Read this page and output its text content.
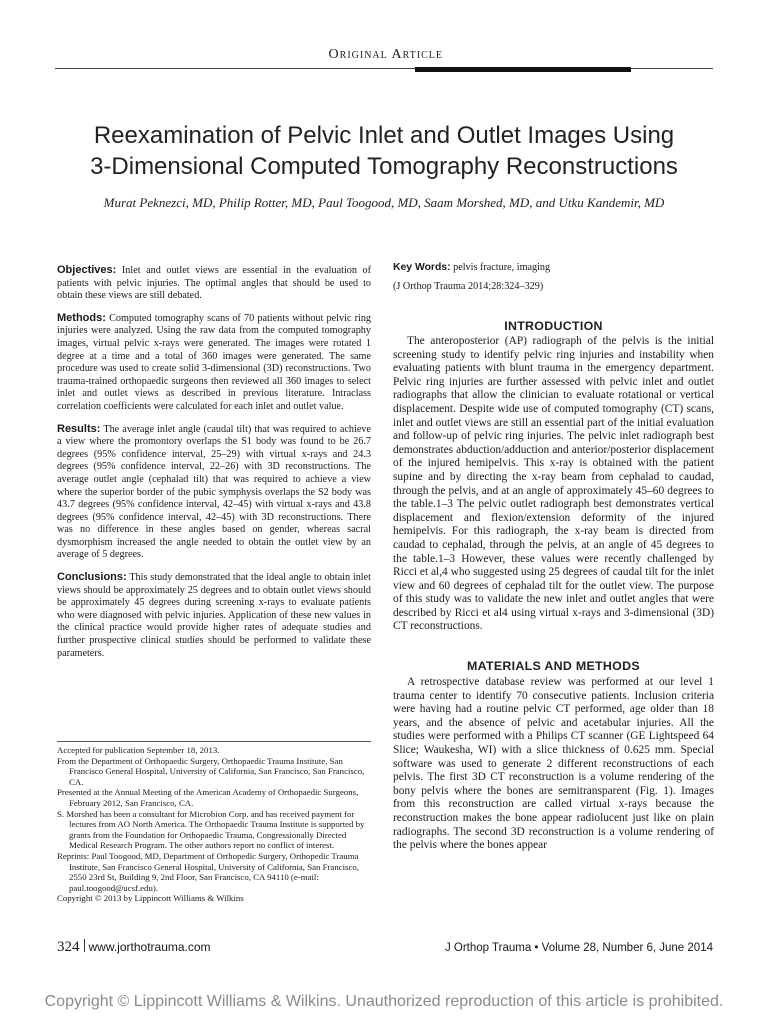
Original Article
Reexamination of Pelvic Inlet and Outlet Images Using
3-Dimensional Computed Tomography Reconstructions
Murat Peknezci, MD, Philip Rotter, MD, Paul Toogood, MD, Saam Morshed, MD, and Utku Kandemir, MD

Objectives: Inlet and outlet views are essential in the evaluation of patients with pelvic injuries. The optimal angles that should be used to obtain these views are still debated.

Methods: Computed tomography scans of 70 patients without pelvic ring injuries were analyzed. Using the raw data from the computed tomography images, virtual pelvic x-rays were generated. The images were rotated 1 degree at a time and a total of 360 images were generated. The same procedure was used to create solid 3-dimensional (3D) reconstructions. Two trauma-trained orthopaedic surgeons then reviewed all 360 images to select inlet and outlet views as described in previous literature. Intraclass correlation coefficients were calculated for each inlet and outlet value.

Results: The average inlet angle (caudal tilt) that was required to achieve a view where the promontory overlaps the S1 body was found to be 26.7 degrees (95% confidence interval, 25–29) with virtual x-rays and 24.3 degrees (95% confidence interval, 22–26) with 3D reconstructions. The average outlet angle (cephalad tilt) that was required to achieve a view where the superior border of the pubic symphysis overlaps the S2 body was 43.7 degrees (95% confidence interval, 42–45) with virtual x-rays and 43.8 degrees (95% confidence interval, 42–45) with 3D reconstructions. There was no difference in these angles based on gender, whereas sacral dysmorphism increased the angle needed to obtain the outlet view by an average of 5 degrees.

Conclusions: This study demonstrated that the ideal angle to obtain inlet views should be approximately 25 degrees and to obtain outlet views should be approximately 45 degrees during screening x-rays to evaluate patients who were diagnosed with pelvic injuries. Application of these new values in the clinical practice would provide higher rates of adequate studies and further prospective clinical studies should be performed to validate these parameters.

Accepted for publication September 18, 2013.

From the Department of Orthopaedic Surgery, Orthopaedic Trauma Institute, San Francisco General Hospital, University of California, San Francisco, San Francisco, CA.

Presented at the Annual Meeting of the American Academy of Orthopaedic Surgeons, February 2012, San Francisco, CA.

S. Morshed has been a consultant for Microbion Corp. and has received payment for lectures from AO North America. The Orthopaedic Trauma Institute is supported by grants from the Foundation for Orthopaedic Trauma, Congressionally Directed Medical Research Program. The other authors report no conflict of interest.

Reprints: Paul Toogood, MD, Department of Orthopedic Surgery, Orthopedic Trauma Institute, San Francisco General Hospital, University of California, San Francisco, 2550 23rd St, Building 9, 2nd Floor, San Francisco, CA 94110 (e-mail: paul.toogood@ucsf.edu).

Copyright © 2013 by Lippincott Williams & Wilkins

Key Words: pelvis fracture, imaging

(J Orthop Trauma 2014;28:324–329)

INTRODUCTION

The anteroposterior (AP) radiograph of the pelvis is the initial screening study to identify pelvic ring injuries and instability when evaluating patients with blunt trauma in the emergency department. Pelvic ring injuries are further assessed with pelvic inlet and outlet radiographs that allow the clinician to evaluate rotational or vertical displacement. Despite wide use of computed tomography (CT) scans, inlet and outlet views are still an essential part of the initial evaluation and follow-up of pelvic ring injuries. The pelvic inlet radiograph best demonstrates abduction/adduction and anterior/posterior displacement of the injured hemipelvis. This x-ray is obtained with the patient supine and by directing the x-ray beam from cephalad to caudad, through the pelvis, and at an angle of approximately 45–60 degrees to the table.1–3 The pelvic outlet radiograph best demonstrates vertical displacement and flexion/extension deformity of the injured hemipelvis. For this radiograph, the x-ray beam is directed from caudad to cephalad, through the pelvis, at an angle of 45 degrees to the table.1–3 However, these values were recently challenged by Ricci et al,4 who suggested using 25 degrees of caudal tilt for the inlet view and 60 degrees of cephalad tilt for the outlet view. The purpose of this study was to validate the new inlet and outlet angles that were described by Ricci et al4 using virtual x-rays and 3-dimensional (3D) CT reconstructions.

MATERIALS AND METHODS

A retrospective database review was performed at our level 1 trauma center to identify 70 consecutive patients. Inclusion criteria were having had a routine pelvic CT performed, age older than 18 years, and the absence of pelvic and acetabular injuries. All the studies were performed with a Philips CT scanner (GE Lightspeed 64 Slice; Waukesha, WI) with a slice thickness of 0.625 mm. Special software was used to generate 2 different reconstructions of each pelvis. The first 3D CT reconstruction is a volume rendering of the bony pelvis where the bones are semitransparent (Fig. 1). Images from this reconstruction are called virtual x-rays because the reconstruction makes the bone appear radiolucent just like on plain radiographs. The second 3D reconstruction is a volume rendering of the pelvis where the bones appear

324 www.jorthotrauma.com	J Orthop Trauma • Volume 28, Number 6, June 2014
Copyright © Lippincott Williams & Wilkins. Unauthorized reproduction of this article is prohibited.
